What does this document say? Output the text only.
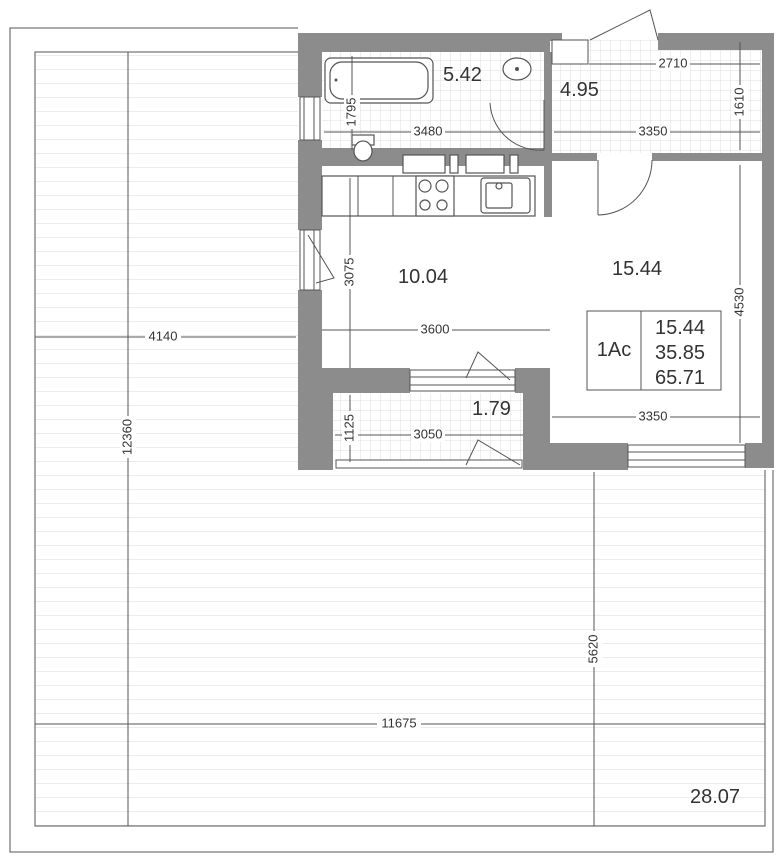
1795
3480
2710
1610
3350
3075
3600
4530
3350
1125	3050
4140
12360
11675
5620
5.42
4.95
10.04	15.44
1.79
28.07
1Ac
15.44
35.85
65.71
